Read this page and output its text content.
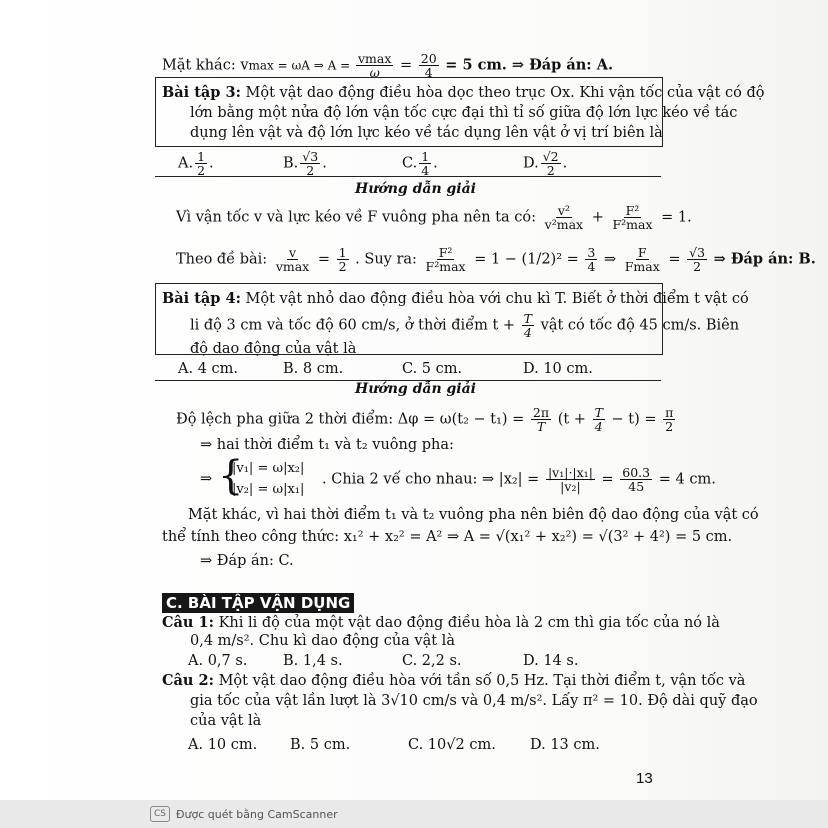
Mặt khác: vmax = ωA ⇒ $A = \frac{vmax}{\omega} = \frac{20}{4} = 5$ cm. ⇒ Đáp án: A.
Bài tập 3: Một vật dao động điều hòa dọc theo trục Ox. Khi vận tốc của vật có độ
lớn bằng một nửa độ lớn vận tốc cực đại thì tỉ số giữa độ lớn lực kéo về tác
dụng lên vật và độ lớn lực kéo về tác dụng lên vật ở vị trí biên là
A. $\frac{1}{2}$ .	B. $\frac{√3}{2}$ .	C. $\frac{1}{4}$ .	D. $\frac{√2}{2}$ .
Hướng dẫn giải
Vì vận tốc v và lực kéo về F vuông pha nên ta có: $\frac{\text{v²}}{\text{v²max}} + \frac{\text{F²}}{\text{F²max}} = 1$.
Theo đề bài: $\frac{v}{vmax} = \frac{1}{2}$ . Suy ra: $\frac{\text{F²}}{\text{F²max}} = 1 - (1/2)^2 = \frac{3}{4}$ ⇒ $\frac{F}{Fmax} = \frac{√3}{2}$ ⇒ Đáp án: B.
Bài tập 4: Một vật nhỏ dao động điều hòa với chu kì T. Biết ở thời điểm t vật có
li độ 3 cm và tốc độ 60 cm/s, ở thời điểm $t + \frac{T}{4}$ vật có tốc độ 45 cm/s. Biên
độ dao động của vật là
A. 4 cm.	B. 8 cm.	C. 5 cm.	D. 10 cm.
Hướng dẫn giải
Độ lệch pha giữa 2 thời điểm: $\Delta\varphi = \omega(t_2 - t_1) = \frac{2\pi}{T} (t + \frac{T}{4} - t) = \frac{\pi}{2}$
⇒ hai thời điểm t₁ và t₂ vuông pha:
⇒ {
|v₁| = ω|x₂|
|v₂| = ω|x₁|
. Chia 2 vế cho nhau: ⇒ $|x_2| = \frac{\text{|v₁|·|x₁|}}{\text{|v₂|}} = \frac{60.3}{45} = 4$ cm.
Mặt khác, vì hai thời điểm t₁ và t₂ vuông pha nên biên độ dao động của vật có
thể tính theo công thức: x₁² + x₂² = A² ⇒ A = √(x₁² + x₂²) = √(3² + 4²) = 5 cm.
⇒ Đáp án: C.
C. BÀI TẬP VẬN DỤNG
Câu 1: Khi li độ của một vật dao động điều hòa là 2 cm thì gia tốc của nó là
0,4 m/s². Chu kì dao động của vật là
A. 0,7 s. B. 1,4 s.	C. 2,2 s.	D. 14 s.
Câu 2: Một vật dao động điều hòa với tần số 0,5 Hz. Tại thời điểm t, vận tốc và
gia tốc của vật lần lượt là 3√10 cm/s và 0,4 m/s². Lấy π² = 10. Độ dài quỹ đạo
của vật là
A. 10 cm. B. 5 cm.	C. 10√2 cm. D. 13 cm.
13
CS Được quét bằng CamScanner
